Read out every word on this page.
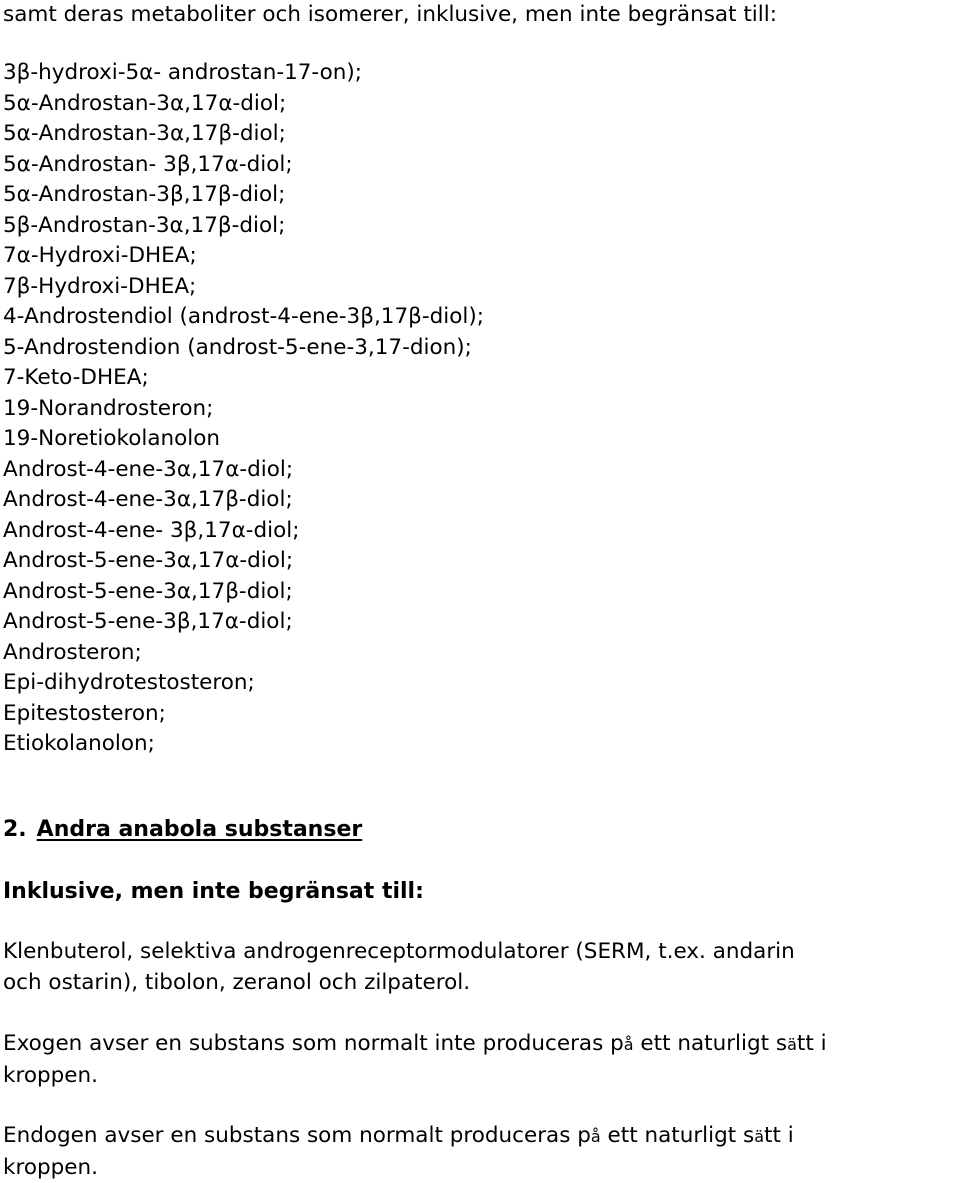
samt deras metaboliter och isomerer, inklusive, men inte begränsat till:
3β-hydroxi-5α- androstan-17-on);
5α-Androstan-3α,17α-diol;
5α-Androstan-3α,17β-diol;
5α-Androstan- 3β,17α-diol;
5α-Androstan-3β,17β-diol;
5β-Androstan-3α,17β-diol;
7α-Hydroxi-DHEA;
7β-Hydroxi-DHEA;
4-Androstendiol (androst-4-ene-3β,17β-diol);
5-Androstendion (androst-5-ene-3,17-dion);
7-Keto-DHEA;
19-Norandrosteron;
19-Noretiokolanolon
Androst-4-ene-3α,17α-diol;
Androst-4-ene-3α,17β-diol;
Androst-4-ene- 3β,17α-diol;
Androst-5-ene-3α,17α-diol;
Androst-5-ene-3α,17β-diol;
Androst-5-ene-3β,17α-diol;
Androsteron;
Epi-dihydrotestosteron;
Epitestosteron;
Etiokolanolon;
2. Andra anabola substanser
Inklusive, men inte begränsat till:
Klenbuterol, selektiva androgenreceptormodulatorer (SERM, t.ex. andarin
och ostarin), tibolon, zeranol och zilpaterol.
Exogen avser en substans som normalt inte produceras på ett naturligt sätt i
kroppen.
Endogen avser en substans som normalt produceras på ett naturligt sätt i
kroppen.
